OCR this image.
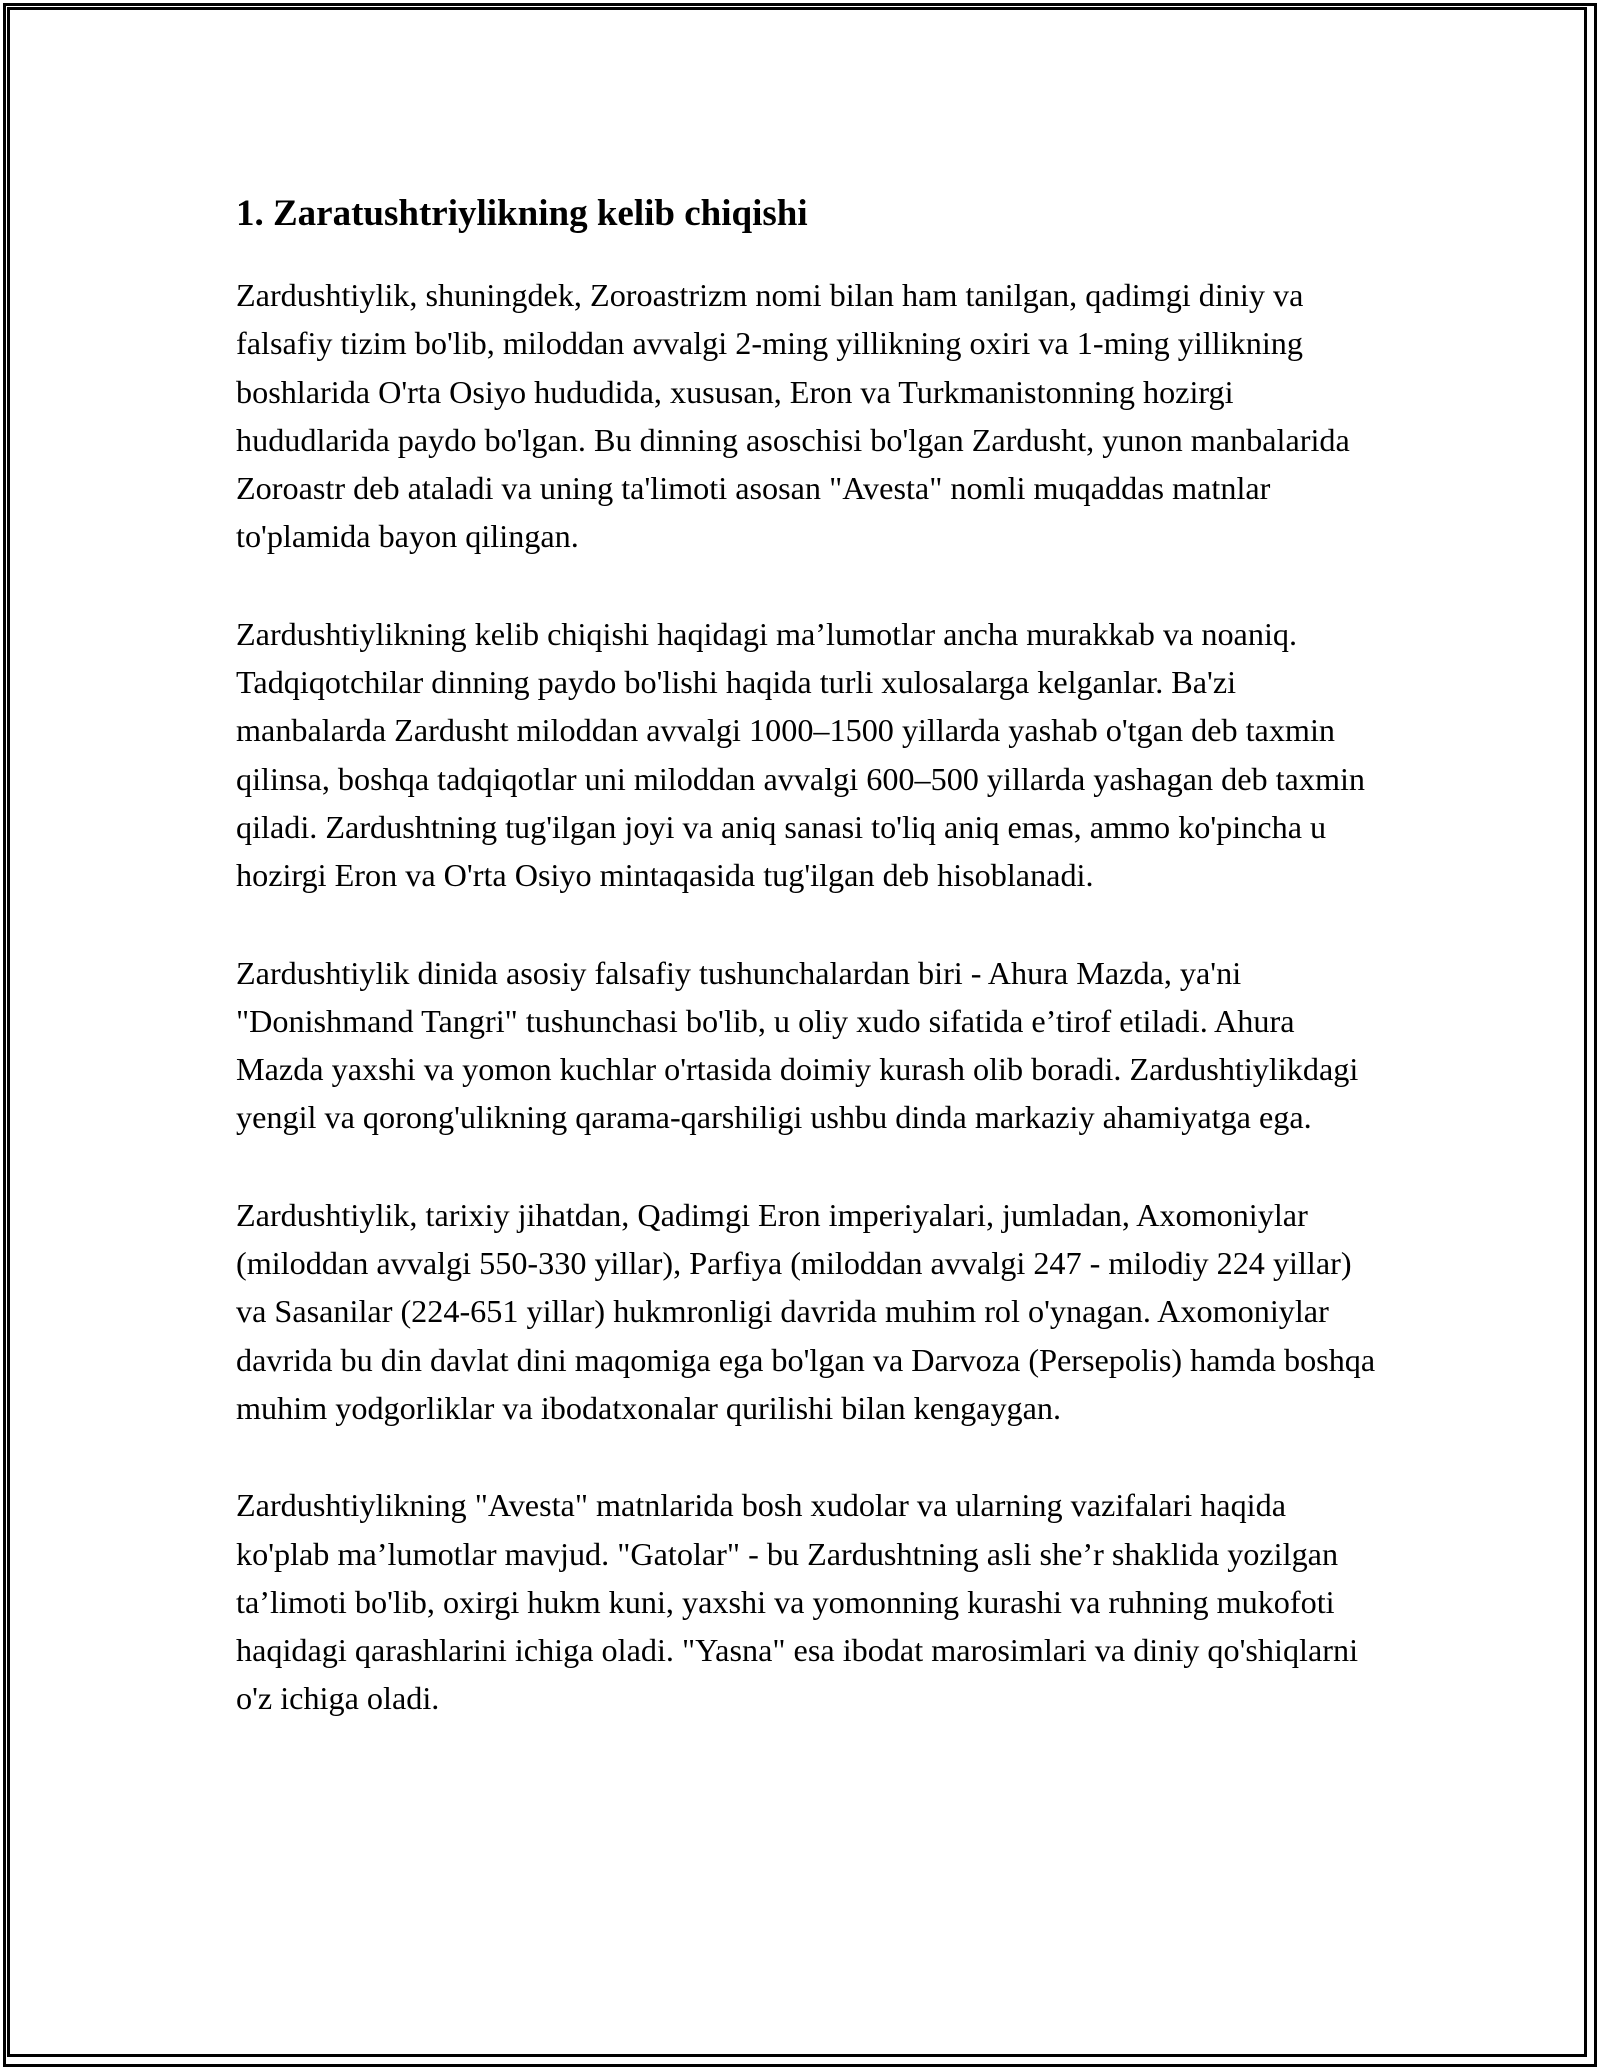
1. Zaratushtriylikning kelib chiqishi

Zardushtiylik, shuningdek, Zoroastrizm nomi bilan ham tanilgan, qadimgi diniy va falsafiy tizim bo'lib, miloddan avvalgi 2-ming yillikning oxiri va 1-ming yillikning boshlarida O'rta Osiyo hududida, xususan, Eron va Turkmanistonning hozirgi hududlarida paydo bo'lgan. Bu dinning asoschisi bo'lgan Zardusht, yunon manbalarida Zoroastr deb ataladi va uning ta'limoti asosan "Avesta" nomli muqaddas matnlar to'plamida bayon qilingan.

Zardushtiylikning kelib chiqishi haqidagi ma’lumotlar ancha murakkab va noaniq. Tadqiqotchilar dinning paydo bo'lishi haqida turli xulosalarga kelganlar. Ba'zi manbalarda Zardusht miloddan avvalgi 1000–1500 yillarda yashab o'tgan deb taxmin qilinsa, boshqa tadqiqotlar uni miloddan avvalgi 600–500 yillarda yashagan deb taxmin qiladi. Zardushtning tug'ilgan joyi va aniq sanasi to'liq aniq emas, ammo ko'pincha u hozirgi Eron va O'rta Osiyo mintaqasida tug'ilgan deb hisoblanadi.

Zardushtiylik dinida asosiy falsafiy tushunchalardan biri - Ahura Mazda, ya'ni "Donishmand Tangri" tushunchasi bo'lib, u oliy xudo sifatida e’tirof etiladi. Ahura Mazda yaxshi va yomon kuchlar o'rtasida doimiy kurash olib boradi. Zardushtiylikdagi yengil va qorong'ulikning qarama-qarshiligi ushbu dinda markaziy ahamiyatga ega.

Zardushtiylik, tarixiy jihatdan, Qadimgi Eron imperiyalari, jumladan, Axomoniylar (miloddan avvalgi 550-330 yillar), Parfiya (miloddan avvalgi 247 - milodiy 224 yillar) va Sasanilar (224-651 yillar) hukmronligi davrida muhim rol o'ynagan. Axomoniylar davrida bu din davlat dini maqomiga ega bo'lgan va Darvoza (Persepolis) hamda boshqa muhim yodgorliklar va ibodatxonalar qurilishi bilan kengaygan.

Zardushtiylikning "Avesta" matnlarida bosh xudolar va ularning vazifalari haqida ko'plab ma’lumotlar mavjud. "Gatolar" - bu Zardushtning asli she’r shaklida yozilgan ta’limoti bo'lib, oxirgi hukm kuni, yaxshi va yomonning kurashi va ruhning mukofoti haqidagi qarashlarini ichiga oladi. "Yasna" esa ibodat marosimlari va diniy qo'shiqlarni o'z ichiga oladi.
